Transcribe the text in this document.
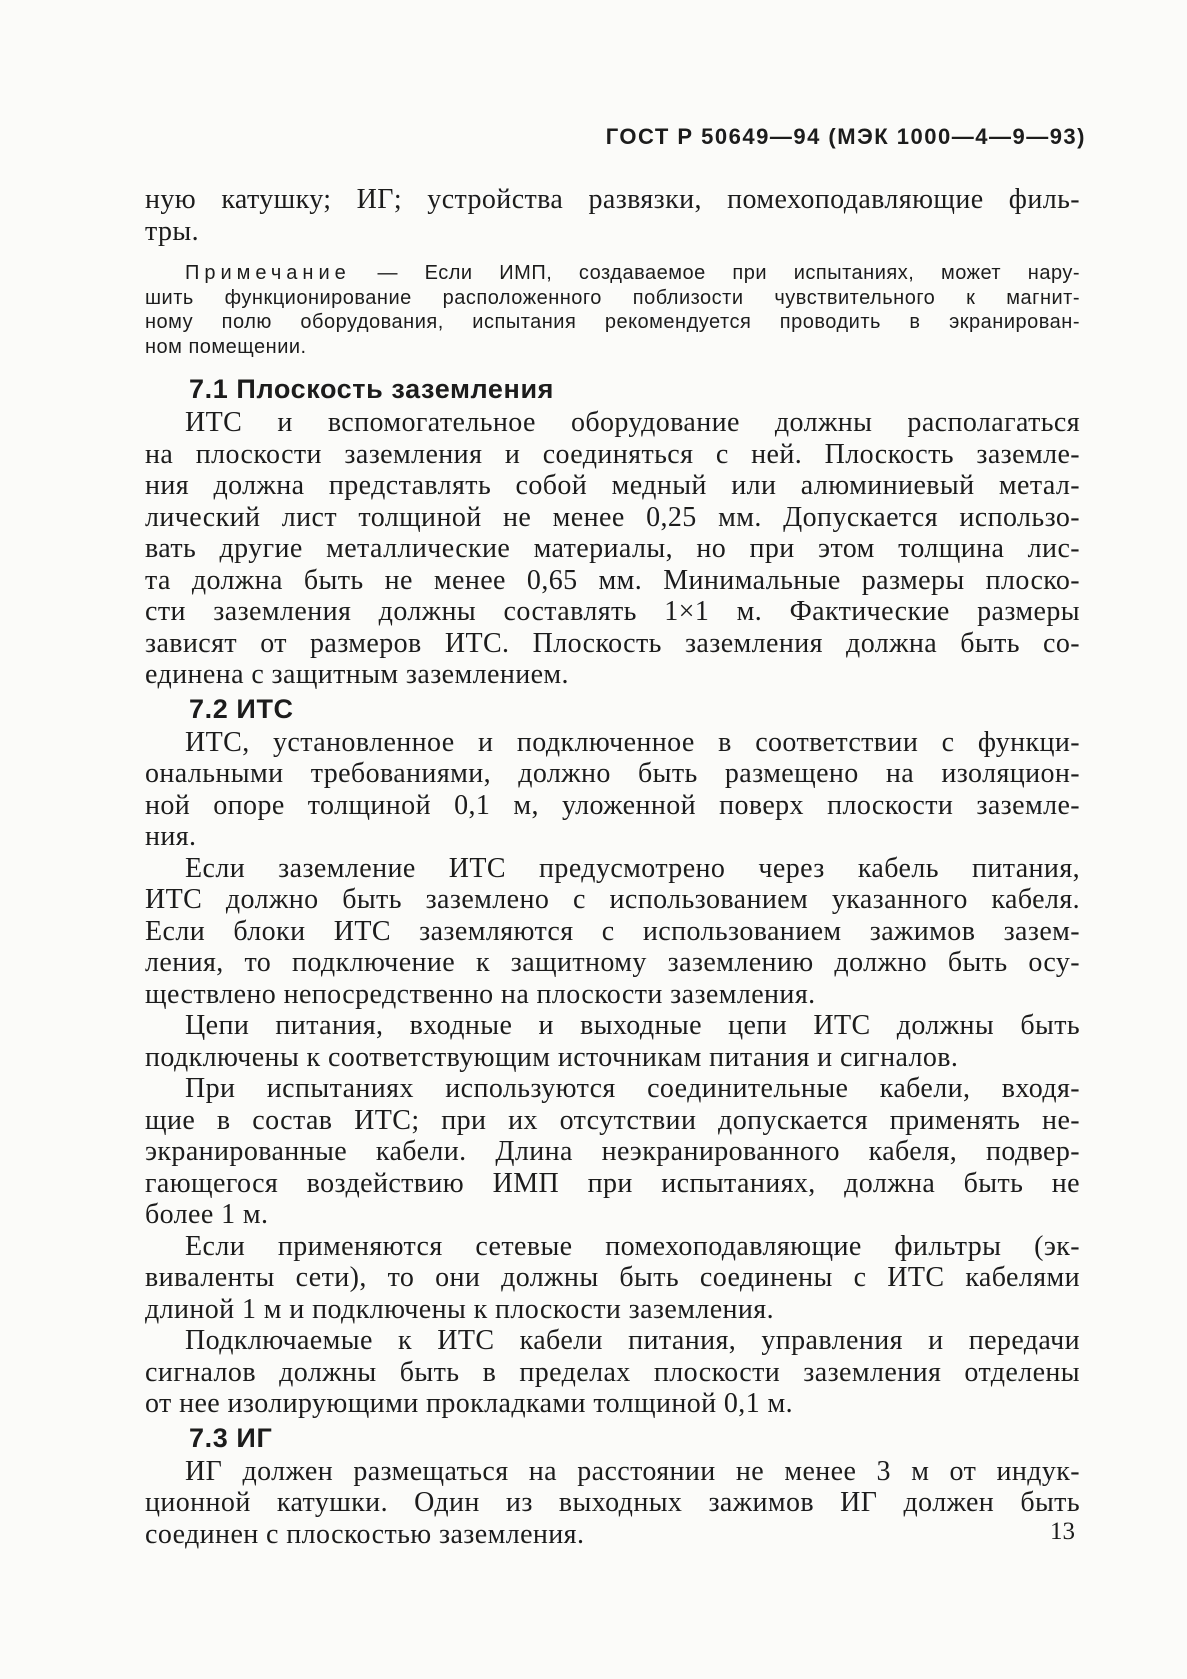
ГОСТ Р 50649—94 (МЭК 1000—4—9—93)
ную катушку; ИГ; устройства развязки, помехоподавляющие филь-
тры.
Примечание — Если ИМП, создаваемое при испытаниях, может нару-
шить функционирование расположенного поблизости чувствительного к магнит-
ному полю оборудования, испытания рекомендуется проводить в экранирован-
ном помещении.
7.1 Плоскость заземления
ИТС и вспомогательное оборудование должны располагаться
на плоскости заземления и соединяться с ней. Плоскость заземле-
ния должна представлять собой медный или алюминиевый метал-
лический лист толщиной не менее 0,25 мм. Допускается использо-
вать другие металлические материалы, но при этом толщина лис-
та должна быть не менее 0,65 мм. Минимальные размеры плоско-
сти заземления должны составлять 1×1 м. Фактические размеры
зависят от размеров ИТС. Плоскость заземления должна быть со-
единена с защитным заземлением.
7.2 ИТС
ИТС, установленное и подключенное в соответствии с функци-
ональными требованиями, должно быть размещено на изоляцион-
ной опоре толщиной 0,1 м, уложенной поверх плоскости заземле-
ния.
Если заземление ИТС предусмотрено через кабель питания,
ИТС должно быть заземлено с использованием указанного кабеля.
Если блоки ИТС заземляются с использованием зажимов зазем-
ления, то подключение к защитному заземлению должно быть осу-
ществлено непосредственно на плоскости заземления.
Цепи питания, входные и выходные цепи ИТС должны быть
подключены к соответствующим источникам питания и сигналов.
При испытаниях используются соединительные кабели, входя-
щие в состав ИТС; при их отсутствии допускается применять не-
экранированные кабели. Длина неэкранированного кабеля, подвер-
гающегося воздействию ИМП при испытаниях, должна быть не
более 1 м.
Если применяются сетевые помехоподавляющие фильтры (эк-
виваленты сети), то они должны быть соединены с ИТС кабелями
длиной 1 м и подключены к плоскости заземления.
Подключаемые к ИТС кабели питания, управления и передачи
сигналов должны быть в пределах плоскости заземления отделены
от нее изолирующими прокладками толщиной 0,1 м.
7.3 ИГ
ИГ должен размещаться на расстоянии не менее 3 м от индук-
ционной катушки. Один из выходных зажимов ИГ должен быть
соединен с плоскостью заземления.	13
